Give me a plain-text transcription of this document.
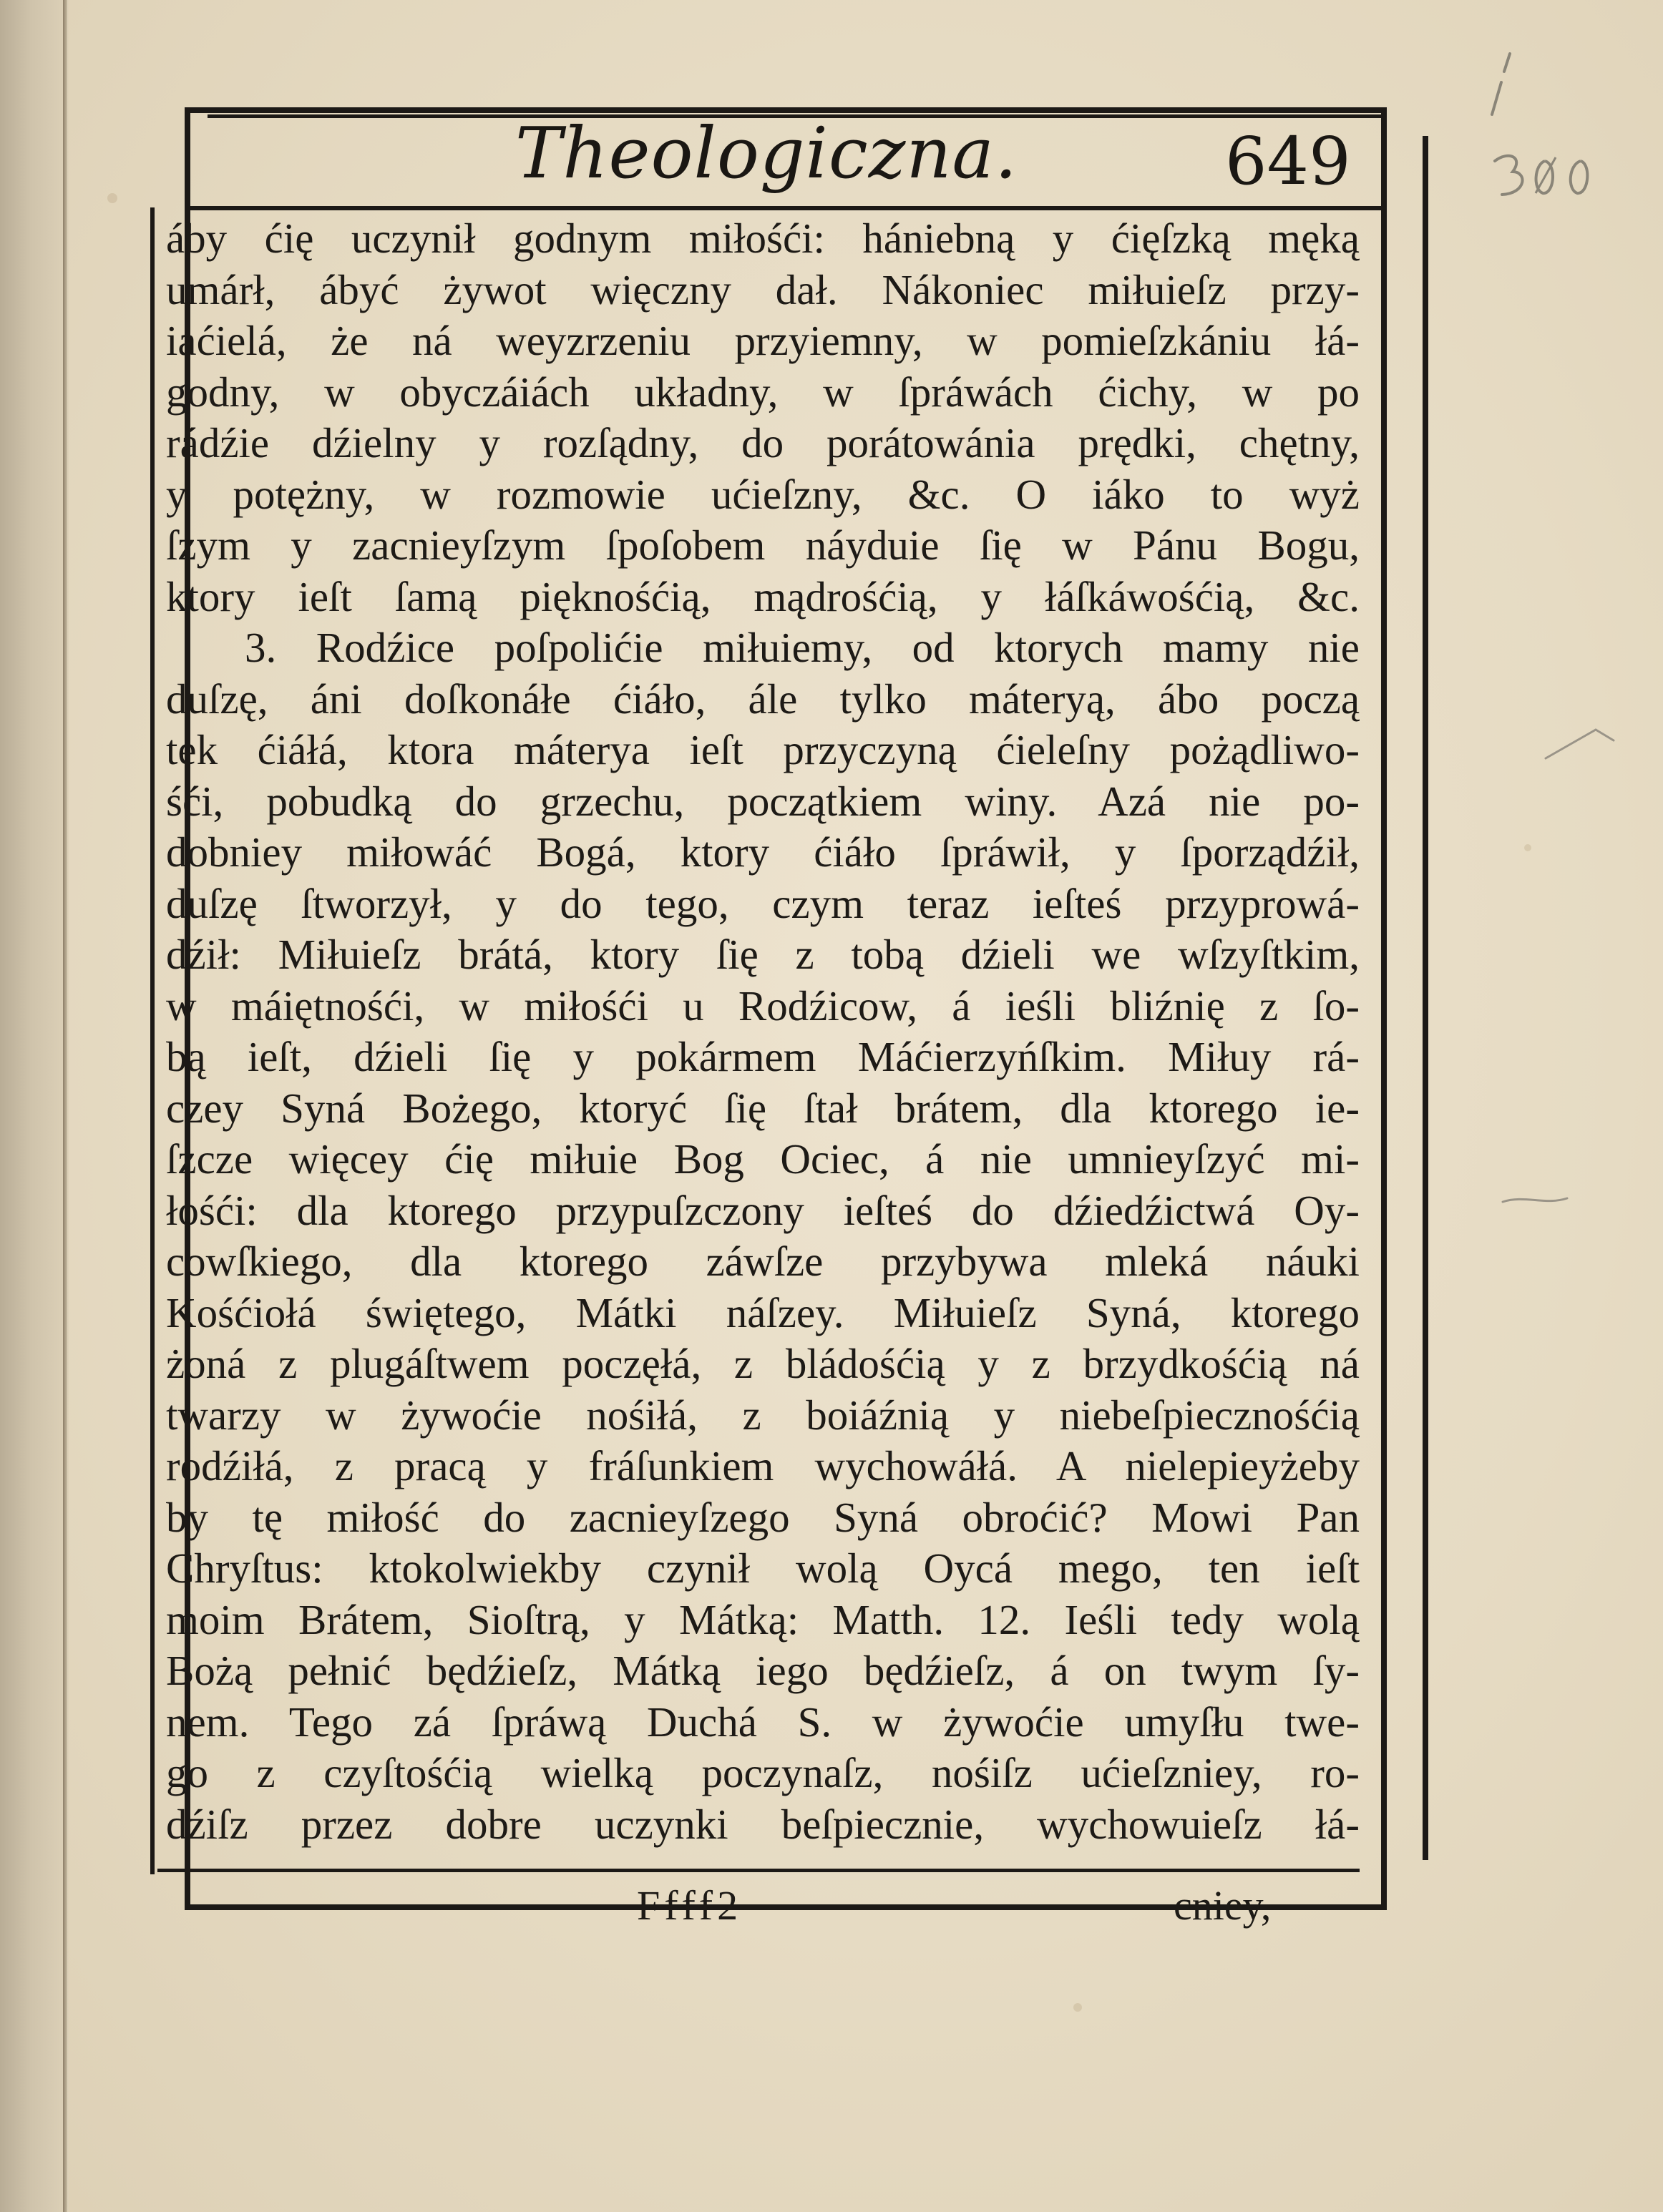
Theologiczna.	649
áby ćię uczynił godnym miłośći: hániebną y ćięſzką męką
umárł, ábyć żywot więczny dał. Nákoniec miłuieſz przy-
iaćielá, że ná weyzrzeniu przyiemny, w pomieſzkániu łá-
godny, w obyczáiách układny, w ſpráwách ćichy, w po
rádźie dźielny y rozſądny, do porátowánia prędki, chętny,
y potężny, w rozmowie ućieſzny, &c. O iáko to wyż
ſzym y zacnieyſzym ſpoſobem náyduie ſię w Pánu Bogu,
ktory ieſt ſamą pięknośćią, mądrośćią, y łáſkáwośćią, &c.
3. Rodźice poſpolićie miłuiemy, od ktorych mamy nie
duſzę, áni doſkonáłe ćiáło, ále tylko máteryą, ábo począ
tek ćiáłá, ktora máterya ieſt przyczyną ćieleſny pożądliwo-
śći, pobudką do grzechu, początkiem winy. Azá nie po-
dobniey miłowáć Bogá, ktory ćiáło ſpráwił, y ſporządźił,
duſzę ſtworzył, y do tego, czym teraz ieſteś przyprowá-
dźił: Miłuieſz brátá, ktory ſię z tobą dźieli we wſzyſtkim,
w máiętnośći, w miłośći u Rodźicow, á ieśli bliźnię z ſo-
bą ieſt, dźieli ſię y pokármem Máćierzyńſkim. Miłuy rá-
czey Syná Bożego, ktoryć ſię ſtał brátem, dla ktorego ie-
ſzcze więcey ćię miłuie Bog Ociec, á nie umnieyſzyć mi-
łośći: dla ktorego przypuſzczony ieſteś do dźiedźictwá Oy-
cowſkiego, dla ktorego záwſze przybywa mleká náuki
Kośćiołá świętego, Mátki náſzey. Miłuieſz Syná, ktorego
żoná z plugáſtwem poczęłá, z bládośćią y z brzydkośćią ná
twarzy w żywoćie nośiłá, z boiáźnią y niebeſpiecznośćią
rodźiłá, z pracą y fráſunkiem wychowáłá. A nielepieyżeby
by tę miłość do zacnieyſzego Syná obroćić? Mowi Pan
Chryſtus: ktokolwiekby czynił wolą Oycá mego, ten ieſt
moim Brátem, Sioſtrą, y Mátką: Matth. 12. Ieśli tedy wolą
Bożą pełnić będźieſz, Mátką iego będźieſz, á on twym ſy-
nem. Tego zá ſpráwą Duchá S. w żywoćie umyſłu twe-
go z czyſtośćią wielką poczynaſz, nośiſz ućieſzniey, ro-
dźiſz przez dobre uczynki beſpiecznie, wychowuieſz łá-
Ffff2	cniey,
